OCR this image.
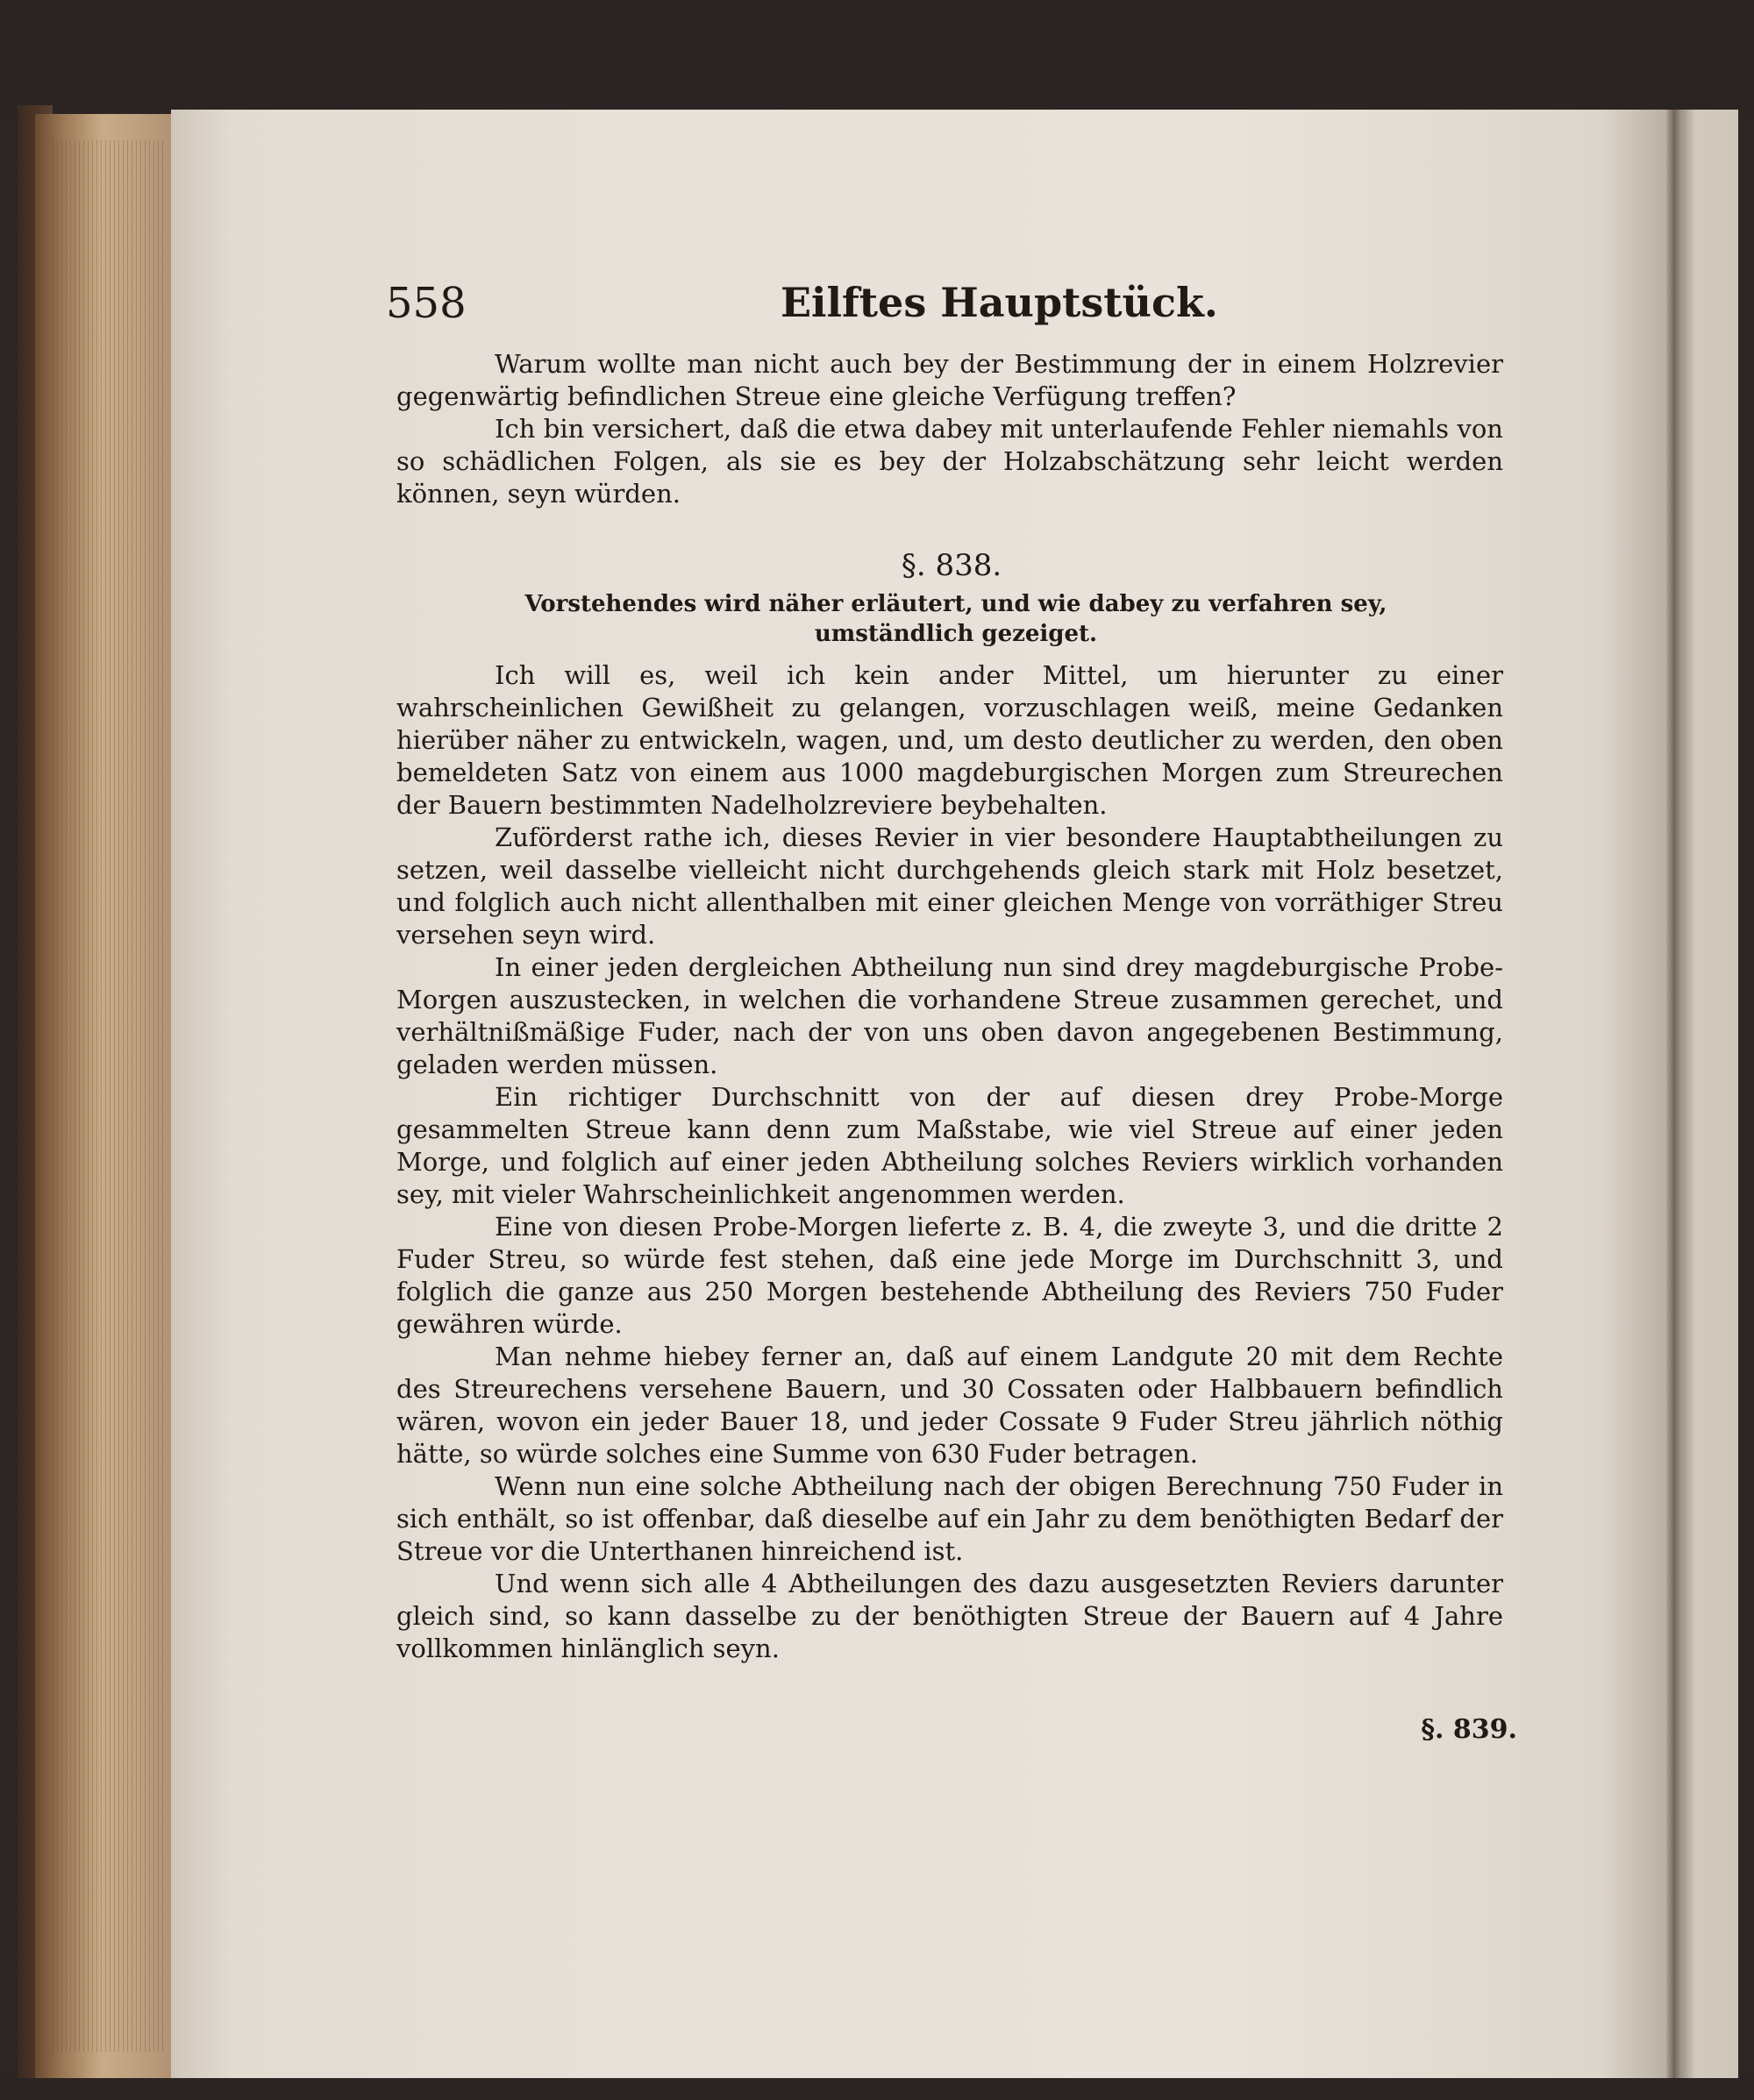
558	Eilftes Hauptstück.

Warum wollte man nicht auch bey der Bestimmung der in einem Holzrevier gegenwärtig befindlichen Streue eine gleiche Verfügung treffen?

Ich bin versichert, daß die etwa dabey mit unterlaufende Fehler niemahls von so schädlichen Folgen, als sie es bey der Holzabschätzung sehr leicht werden können, seyn würden.

§. 838.
Vorstehendes wird näher erläutert, und wie dabey zu verfahren sey, umständlich gezeiget.

Ich will es, weil ich kein ander Mittel, um hierunter zu einer wahrscheinlichen Gewißheit zu gelangen, vorzuschlagen weiß, meine Gedanken hierüber näher zu entwickeln, wagen, und, um desto deutlicher zu werden, den oben bemeldeten Satz von einem aus 1000 magdeburgischen Morgen zum Streurechen der Bauern bestimmten Nadelholzreviere beybehalten.

Zuförderst rathe ich, dieses Revier in vier besondere Hauptabtheilungen zu setzen, weil dasselbe vielleicht nicht durchgehends gleich stark mit Holz besetzet, und folglich auch nicht allenthalben mit einer gleichen Menge von vorräthiger Streu versehen seyn wird.

In einer jeden dergleichen Abtheilung nun sind drey magdeburgische Probe-Morgen auszustecken, in welchen die vorhandene Streue zusammen gerechet, und verhältnißmäßige Fuder, nach der von uns oben davon angegebenen Bestimmung, geladen werden müssen.

Ein richtiger Durchschnitt von der auf diesen drey Probe-Morge gesammelten Streue kann denn zum Maßstabe, wie viel Streue auf einer jeden Morge, und folglich auf einer jeden Abtheilung solches Reviers wirklich vorhanden sey, mit vieler Wahrscheinlichkeit angenommen werden.

Eine von diesen Probe-Morgen lieferte z. B. 4, die zweyte 3, und die dritte 2 Fuder Streu, so würde fest stehen, daß eine jede Morge im Durchschnitt 3, und folglich die ganze aus 250 Morgen bestehende Abtheilung des Reviers 750 Fuder gewähren würde.

Man nehme hiebey ferner an, daß auf einem Landgute 20 mit dem Rechte des Streurechens versehene Bauern, und 30 Cossaten oder Halbbauern befindlich wären, wovon ein jeder Bauer 18, und jeder Cossate 9 Fuder Streu jährlich nöthig hätte, so würde solches eine Summe von 630 Fuder betragen.

Wenn nun eine solche Abtheilung nach der obigen Berechnung 750 Fuder in sich enthält, so ist offenbar, daß dieselbe auf ein Jahr zu dem benöthigten Bedarf der Streue vor die Unterthanen hinreichend ist.

Und wenn sich alle 4 Abtheilungen des dazu ausgesetzten Reviers darunter gleich sind, so kann dasselbe zu der benöthigten Streue der Bauern auf 4 Jahre vollkommen hinlänglich seyn.

§. 839.
